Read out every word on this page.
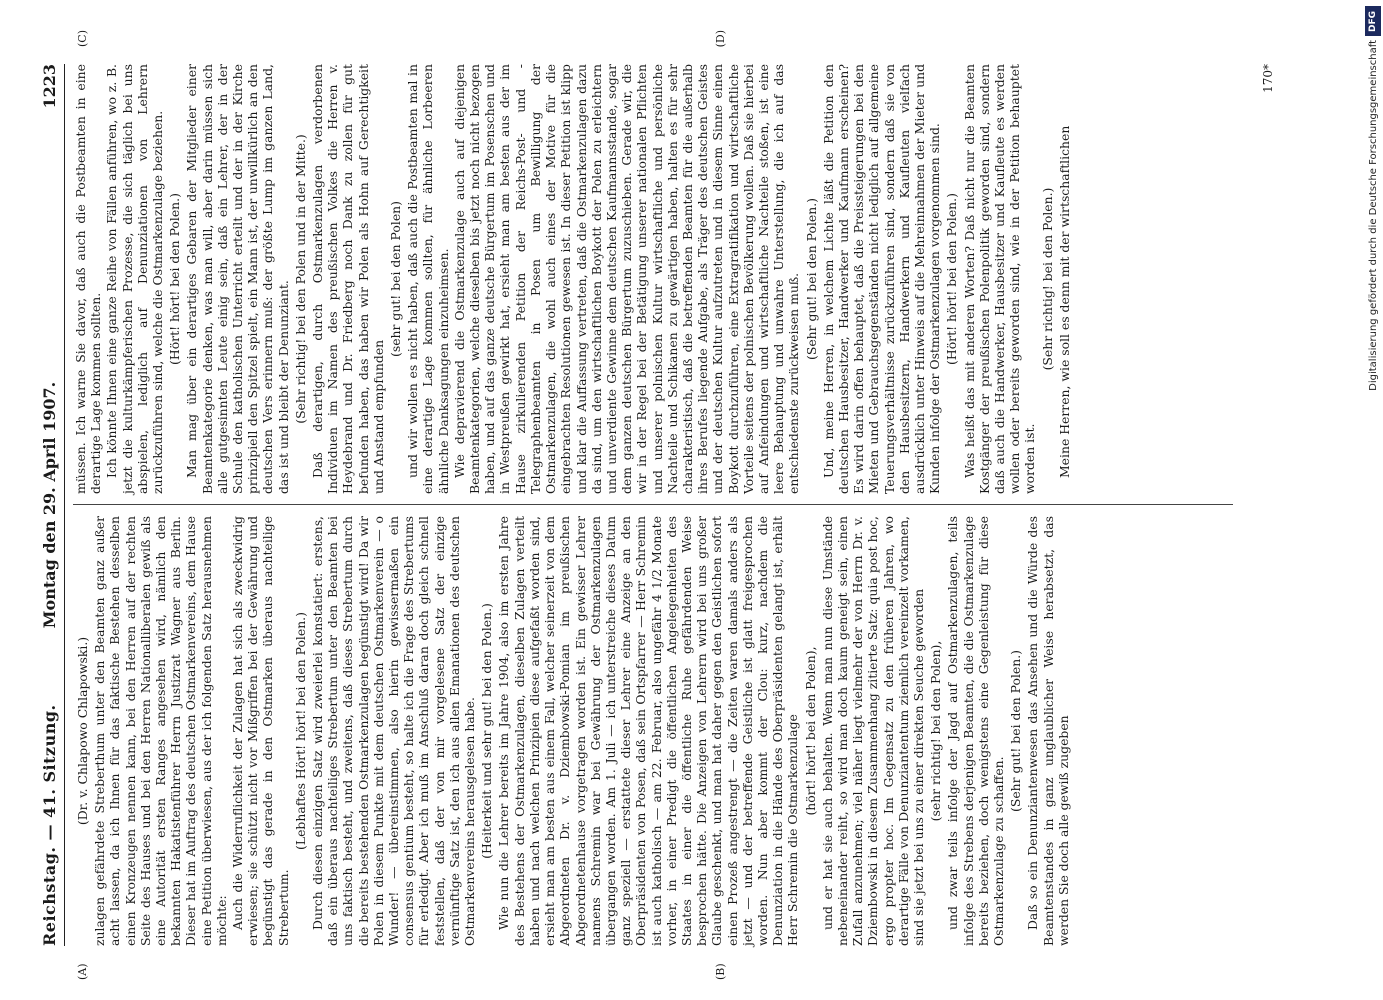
Reichstag. — 41. Sitzung.
Montag den 29. April 1907.
1223
(A)	(B)

(Dr. v. Chlapowo Chlapowski.) zulagen gefährdete Streberthum unter den Beamten ganz außer acht lassen, da ich Ihnen für das faktische Bestehen desselben einen Kronzeugen nennen kann, bei den Herren auf der rechten Seite des Hauses und bei den Herren Nationalliberalen gewiß als eine Autorität ersten Ranges angesehen wird, nämlich den bekannten Hakatistenführer Herrn Justizrat Wagner aus Berlin. Dieser hat im Auftrag des deutschen Ostmarkenvereins, dem Hause eine Petition überwiesen, aus der ich folgenden Satz herausnehmen möchte: Auch die Widerruflichkeit der Zulagen hat sich als zweckwidrig erwiesen; sie schützt nicht vor Mißgriffen bei der Gewährung und begünstigt das gerade in den Ostmarken überaus nachteilige Strebertum.

(Lebhaftes Hört! hört! bei den Polen.) Durch diesen einzigen Satz wird zweierlei konstatiert: erstens, daß ein überaus nachteiliges Strebertum unter den Beamten bei uns faktisch besteht, und zweitens, daß dieses Strebertum durch die bereits bestehenden Ostmarkenzulagen begünstigt wird! Da wir Polen in diesem Punkte mit dem deutschen Ostmarkenverein — o Wunder! — übereinstimmen, also hierin gewissermaßen ein consensus gentium besteht, so halte ich die Frage des Strebertums für erledigt. Aber ich muß im Anschluß daran doch gleich schnell feststellen, daß der von mir vorgelesene Satz der einzige vernünftige Satz ist, den ich aus allen Emanationen des deutschen Ostmarkenvereins herausgelesen habe. (Heiterkeit und sehr gut! bei den Polen.) Wie nun die Lehrer bereits im Jahre 1904, also im ersten Jahre des Bestehens der Ostmarkenzulagen, dieselben Zulagen verteilt haben und nach welchen Prinzipien diese aufgefaßt worden sind, ersieht man am besten aus einem Fall, welcher seinerzeit von dem Abgeordneten Dr. v. Dziembowski-Pomian im preußischen Abgeordnetenhause vorgetragen worden ist. Ein gewisser Lehrer namens Schremin war bei Gewährung der Ostmarkenzulagen übergangen worden. Am 1. Juli — ich unterstreiche dieses Datum ganz speziell — erstattete dieser Lehrer eine Anzeige an den Oberpräsidenten von Posen, daß sein Ortspfarrer — Herr Schremin ist auch katholisch — am 22. Februar, also ungefähr 4 1/2 Monate vorher, in einer Predigt die öffentlichen Angelegenheiten des Staates in einer die öffentliche Ruhe gefährdenden Weise besprochen hätte. Die Anzeigen von Lehrern wird bei uns großer Glaube geschenkt, und man hat daher gegen den Geistlichen sofort einen Prozeß angestrengt — die Zeiten waren damals anders als jetzt — und der betreffende Geistliche ist glatt freigesprochen worden. Nun aber kommt der Clou: kurz, nachdem die Denunziation in die Hände des Oberpräsidenten gelangt ist, erhält Herr Schremin die Ostmarkenzulage (hört! hört! bei den Polen), und er hat sie auch behalten. Wenn man nun diese Umstände nebeneinander reiht, so wird man doch kaum geneigt sein, einen Zufall anzunehmen; viel näher liegt vielmehr der von Herrn Dr. v. Dziembowski in diesem Zusammenhang zitierte Satz: quia post hoc, ergo propter hoc. Im Gegensatz zu den früheren Jahren, wo derartige Fälle von Denunziantentum ziemlich vereinzelt vorkamen, sind sie jetzt bei uns zu einer direkten Seuche geworden (sehr richtig! bei den Polen), und zwar teils infolge der Jagd auf Ostmarkenzulagen, teils infolge des Strebens derjenigen Beamten, die die Ostmarkenzulage bereits beziehen, doch wenigstens eine Gegenleistung für diese Ostmarkenzulage zu schaffen.

(Sehr gut! bei den Polen.) Daß so ein Denunziantenwesen das Ansehen und die Würde des Beamtenstandes in ganz unglaublicher Weise herabsetzt, das werden Sie doch alle gewiß zugeben

(C)	(D)

müssen. Ich warne Sie davor, daß auch die Postbeamten in eine derartige Lage kommen sollten. Ich könnte Ihnen eine ganze Reihe von Fällen anführen, wo z. B. jetzt die kulturkämpferischen Prozesse, die sich täglich bei uns abspielen, lediglich auf Denunziationen von Lehrern zurückzuführen sind, welche die Ostmarkenzulage beziehen. (Hört! hört! bei den Polen.) Man mag über ein derartiges Gebaren der Mitglieder einer Beamtenkategorie denken, was man will, aber darin müssen sich alle gutgesinnten Leute einig sein, daß ein Lehrer, der in der Schule den katholischen Unterricht erteilt und der in der Kirche prinzipiell den Spitzel spielt, ein Mann ist, der unwillkürlich an den deutschen Vers erinnern muß: der größte Lump im ganzen Land, das ist und bleibt der Denunziant. (Sehr richtig! bei den Polen und in der Mitte.) Daß derartigen, durch Ostmarkenzulagen verdorbenen Individuen im Namen des preußischen Volkes die Herren v. Heydebrand und Dr. Friedberg noch Dank zu zollen für gut befunden haben, das haben wir Polen als Hohn auf Gerechtigkeit und Anstand empfunden

(sehr gut! bei den Polen) und wir wollen es nicht haben, daß auch die Postbeamten mal in eine derartige Lage kommen sollten, für ähnliche Lorbeeren ähnliche Danksagungen einzuheimsen. Wie depravierend die Ostmarkenzulage auch auf diejenigen Beamtenkategorien, welche dieselben bis jetzt noch nicht bezogen haben, und auf das ganze deutsche Bürgertum im Posenschen und in Westpreußen gewirkt hat, ersieht man am besten aus der im Hause zirkulierenden Petition der Reichs-Post- und -Telegraphenbeamten in Posen um Bewilligung der Ostmarkenzulagen, die wohl auch eines der Motive für die eingebrachten Resolutionen gewesen ist. In dieser Petition ist klipp und klar die Auffassung vertreten, daß die Ostmarkenzulagen dazu da sind, um den wirtschaftlichen Boykott der Polen zu erleichtern und unverdiente Gewinne dem deutschen Kaufmannsstande, sogar dem ganzen deutschen Bürgertum zuzuschieben. Gerade wir, die wir in der Regel bei der Betätigung unserer nationalen Pflichten und unserer polnischen Kultur wirtschaftliche und persönliche Nachteile und Schikanen zu gewärtigen haben, halten es für sehr charakteristisch, daß die betreffenden Beamten für die außerhalb ihres Berufes liegende Aufgabe, als Träger des deutschen Geistes und der deutschen Kultur aufzutreten und in diesem Sinne einen Boykott durchzuführen, eine Extragratifikation und wirtschaftliche Vorteile seitens der polnischen Bevölkerung wollen. Daß sie hierbei auf Anfeindungen und wirtschaftliche Nachteile stoßen, ist eine leere Behauptung und unwahre Unterstellung, die ich auf das entschiedenste zurückweisen muß. (Sehr gut! bei den Polen.) Und, meine Herren, in welchem Lichte läßt die Petition den deutschen Hausbesitzer, Handwerker und Kaufmann erscheinen? Es wird darin offen behauptet, daß die Preissteigerungen bei den Mieten und Gebrauchsgegenständen nicht lediglich auf allgemeine Teuerungsverhältnisse zurückzuführen sind, sondern daß sie von den Hausbesitzern, Handwerkern und Kaufleuten vielfach ausdrücklich unter Hinweis auf die Mehreinnahmen der Mieter und Kunden infolge der Ostmarkenzulagen vorgenommen sind. (Hört! hört! bei den Polen.) Was heißt das mit anderen Worten? Daß nicht nur die Beamten Kostgänger der preußischen Polenpolitik geworden sind, sondern daß auch die Handwerker, Hausbesitzer und Kaufleute es werden wollen oder bereits geworden sind, wie in der Petition behauptet worden ist.

(Sehr richtig! bei den Polen.) Meine Herren, wie soll es denn mit der wirtschaftlichen

170*
DFG
Digitalisierung gefördert durch die Deutsche Forschungsgemeinschaft
